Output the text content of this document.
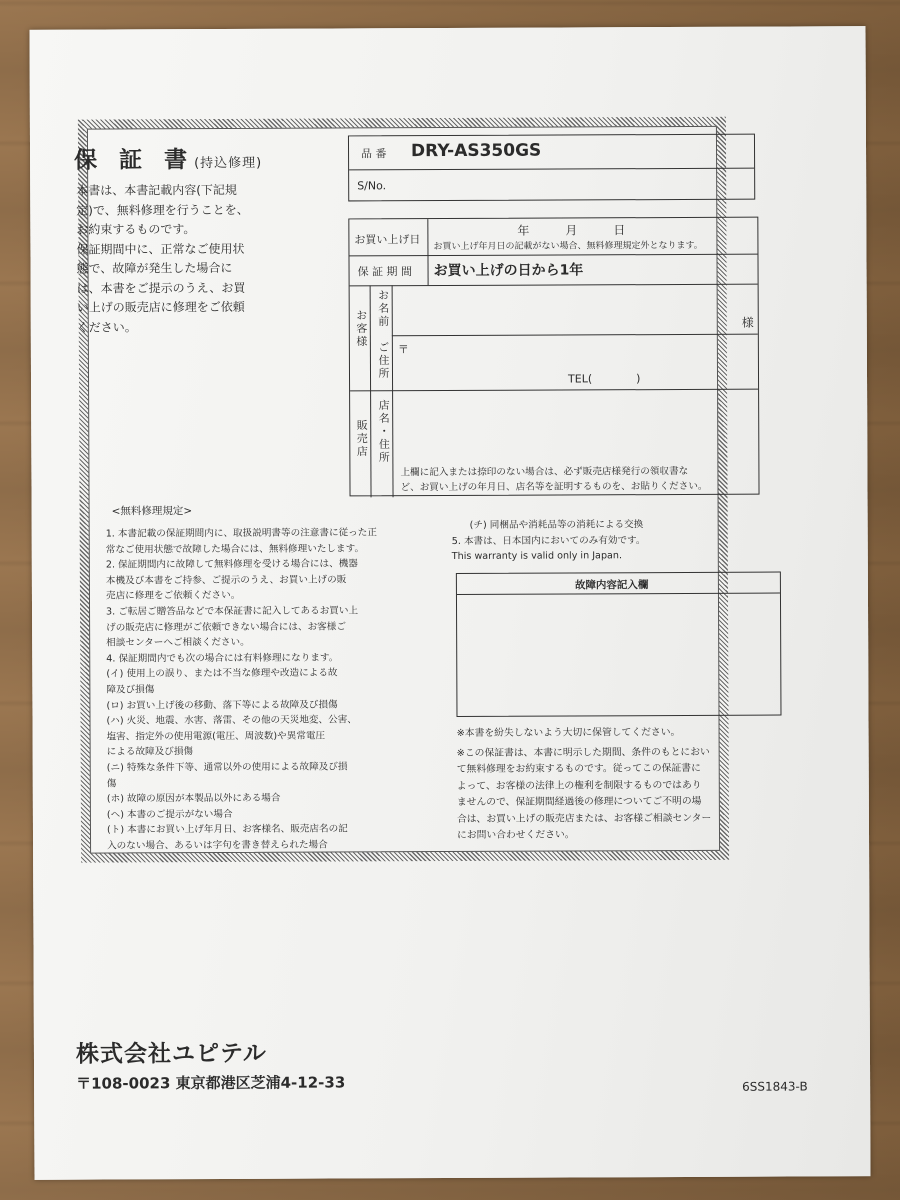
保 証 書(持込修理)

本書は、本書記載内容(下記規

定)で、無料修理を行うことを、

お約束するものです。

保証期間中に、正常なご使用状

態で、故障が発生した場合に

は、本書をご提示のうえ、お買

い上げの販売店に修理をご依頼

ください。

品 番 DRY-AS350GS
S/No.
お買い上げ日
年　　　月　　　日
お買い上げ年月日の記載がない場合、無料修理規定外となります。
保 証 期 間 お買い上げの日から1年
お客様
お名前	様
ご住所 〒
TEL(　　　　)
販売店 店名・住所
上欄に記入または捺印のない場合は、必ず販売店様発行の領収書な
ど、お買い上げの年月日、店名等を証明するものを、お貼りください。
<無料修理規定>
1. 本書記載の保証期間内に、取扱説明書等の注意書に従った正
常なご使用状態で故障した場合には、無料修理いたします。
2. 保証期間内に故障して無料修理を受ける場合には、機器
本機及び本書をご持参、ご提示のうえ、お買い上げの販
売店に修理をご依頼ください。
3. ご転居ご贈答品などで本保証書に記入してあるお買い上
げの販売店に修理がご依頼できない場合には、お客様ご
相談センターへご相談ください。
4. 保証期間内でも次の場合には有料修理になります。
(イ) 使用上の誤り、または不当な修理や改造による故
障及び損傷
(ロ) お買い上げ後の移動、落下等による故障及び損傷
(ハ) 火災、地震、水害、落雷、その他の天災地変、公害、
塩害、指定外の使用電源(電圧、周波数)や異常電圧
による故障及び損傷
(ニ) 特殊な条件下等、通常以外の使用による故障及び損
傷
(ホ) 故障の原因が本製品以外にある場合
(ヘ) 本書のご提示がない場合
(ト) 本書にお買い上げ年月日、お客様名、販売店名の記
入のない場合、あるいは字句を書き替えられた場合
(チ) 同梱品や消耗品等の消耗による交換
5. 本書は、日本国内においてのみ有効です。
This warranty is valid only in Japan.
故障内容記入欄
※本書を紛失しないよう大切に保管してください。
※この保証書は、本書に明示した期間、条件のもとにおい
て無料修理をお約束するものです。従ってこの保証書に
よって、お客様の法律上の権利を制限するものではあり
ませんので、保証期間経過後の修理についてご不明の場
合は、お買い上げの販売店または、お客様ご相談センター
にお問い合わせください。
株式会社ユピテル
〒108-0023 東京都港区芝浦4-12-33	6SS1843-B
